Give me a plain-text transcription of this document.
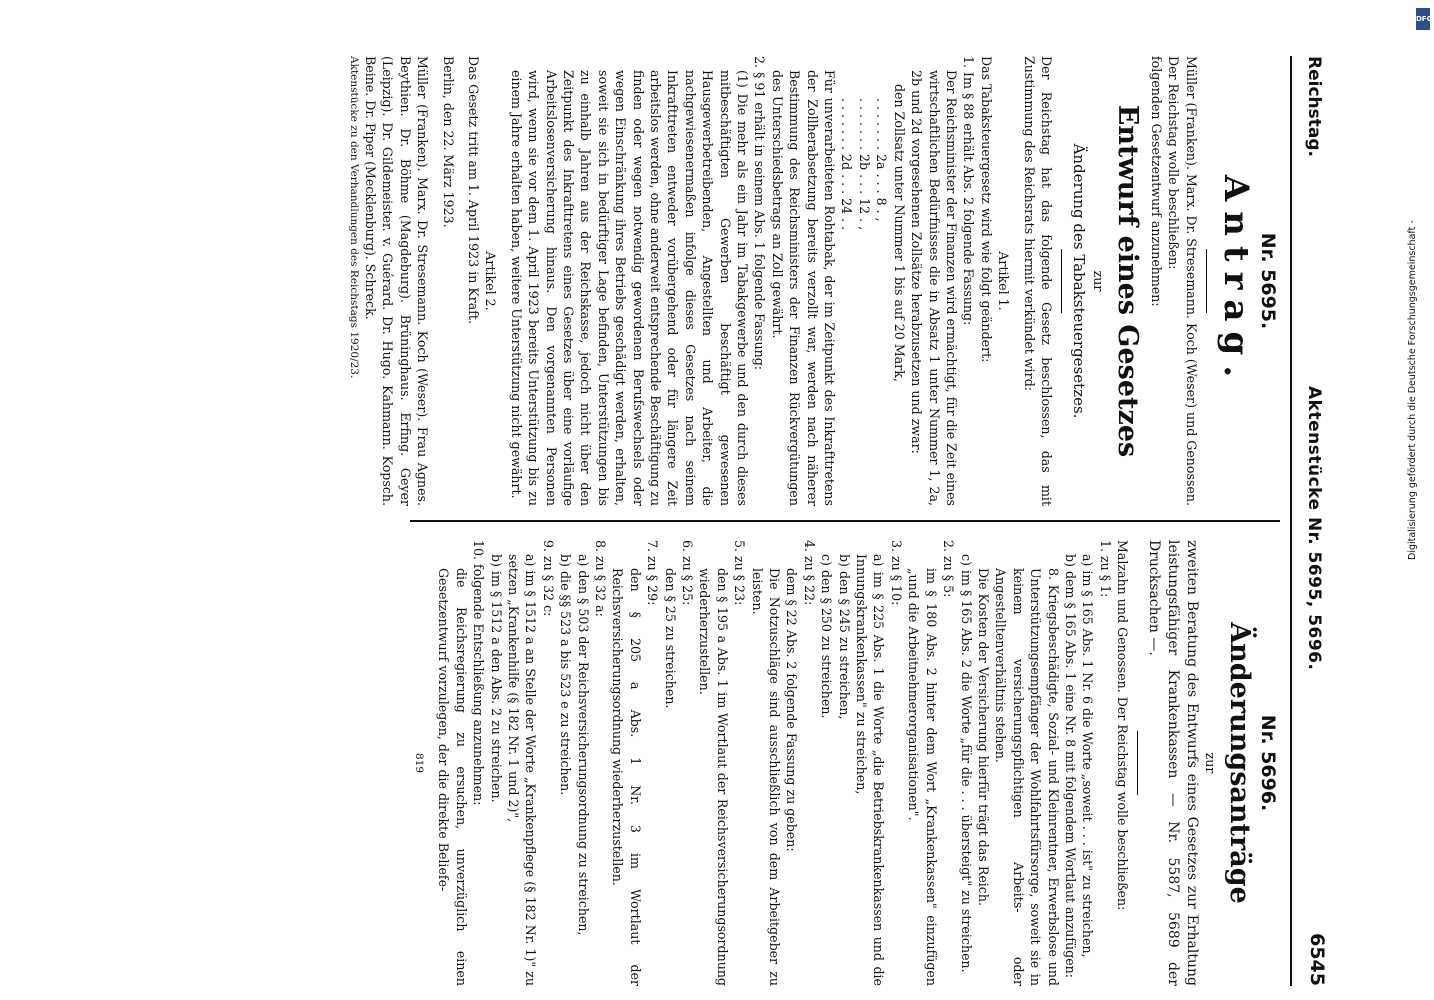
Reichstag.
Aktenstücke Nr. 5695, 5696.
6545

Nr. 5695.

Antrag.

Müller (Franken). Marx. Dr. Stresemann. Koch (Weser) und Genossen. Der Reichstag wolle beschließen:

folgenden Gesetzentwurf anzunehmen:

Entwurf eines Gesetzes

zur

Änderung des Tabaksteuergesetzes.

Der Reichstag hat das folgende Gesetz beschlossen, das mit Zustimmung des Reichsrats hiermit verkündet wird:

Artikel 1.

Das Tabaksteuergesetz wird wie folgt geändert:

1. Im § 88 erhält Abs. 2 folgende Fassung:

Der Reichsminister der Finanzen wird ermächtigt, für die Zeit eines wirtschaftlichen Bedürfnisses die in Absatz 1 unter Nummer 1, 2a, 2b und 2d vorgesehenen Zollsätze herabzusetzen und zwar:

den Zollsatz unter Nummer 1 bis auf 20 Mark,

. . . . . . . 2a . . . 8 . ,

. . . . . . . 2b . . . 12 . ,

. . . . . . . 2d . . . 24 . .

Für unverarbeiteten Rohtabak, der im Zeitpunkt des Inkrafttretens der Zollherabsetzung bereits verzollt war, werden nach näherer Bestimmung des Reichsministers der Finanzen Rückvergütungen des Unterschiedsbetrags an Zoll gewährt.

2. § 91 erhält in seinem Abs. 1 folgende Fassung:

(1) Die mehr als ein Jahr im Tabakgewerbe und den durch dieses mitbeschäftigten Gewerben beschäftigt gewesenen Hausgewerbetreibenden, Angestellten und Arbeiter, die nachgewiesenermaßen infolge dieses Gesetzes nach seinem Inkrafttreten entweder vorübergehend oder für längere Zeit arbeitslos werden, ohne anderweit entsprechende Beschäftigung zu finden oder wegen notwendig gewordenen Berufswechsels oder wegen Einschränkung ihres Betriebs geschädigt werden, erhalten, soweit sie sich in bedürftiger Lage befinden, Unterstützungen bis zu einhalb Jahren aus der Reichskasse, jedoch nicht über den Zeitpunkt des Inkrafttretens eines Gesetzes über eine vorläufige Arbeitslosenversicherung hinaus. Den vorgenannten Personen wird, wenn sie vor dem 1. April 1923 bereits Unterstützung bis zu einem Jahre erhalten haben, weitere Unterstützung nicht gewährt.

Artikel 2.

Das Gesetz tritt am 1. April 1923 in Kraft.

Berlin, den 22. März 1923.

Müller (Franken). Marx. Dr. Stresemann. Koch (Weser). Frau Agnes. Beythien. Dr. Böhme (Magdeburg). Brüninghaus. Erfing. Geyer (Leipzig). Dr. Gildemeister. v. Guérard. Dr. Hugo. Kahmann. Kopsch. Beine. Dr. Piper (Mecklenburg). Schreck.

Aktenstücke zu den Verhandlungen des Reichstags 1920/23.

Nr. 5696.

Änderungsanträge

zur

zweiten Beratung des Entwurfs eines Gesetzes zur Erhaltung leistungsfähiger Krankenkassen — Nr. 5587, 5689 der Drucksachen —.

Malzahn und Genossen. Der Reichstag wolle beschließen:

1. zu § 1:

a) im § 165 Abs. 1 Nr. 6 die Worte „soweit . . . ist" zu streichen,

b) dem § 165 Abs. 1 eine Nr. 8 mit folgendem Wortlaut anzufügen:

8. Kriegsbeschädigte, Sozial- und Kleinrentner, Erwerbslose und Unterstützungsempfänger der Wohlfahrtsfürsorge, soweit sie in keinem versicherungspflichtigen Arbeits- oder Angestelltenverhältnis stehen.

Die Kosten der Versicherung hierfür trägt das Reich.

c) im § 165 Abs. 2 die Worte „für die . . . übersteigt" zu streichen.

2. zu § 5:

im § 180 Abs. 2 hinter dem Wort „Krankenkassen" einzufügen „und die Arbeitnehmerorganisationen".

3. zu § 10:

a) im § 225 Abs. 1 die Worte „die Betriebskrankenkassen und die Innungskrankenkassen" zu streichen,

b) den § 245 zu streichen,

c) den § 250 zu streichen.

4. zu § 22:

dem § 22 Abs. 2 folgende Fassung zu geben:

Die Notzuschläge sind ausschließlich von dem Arbeitgeber zu leisten.

5. zu § 23:

den § 195 a Abs. 1 im Wortlaut der Reichsversicherungsordnung wiederherzustellen.

6. zu § 25:

den § 25 zu streichen.

7. zu § 29:

den § 205 a Abs. 1 Nr. 3 im Wortlaut der Reichsversicherungsordnung wiederherzustellen.

8. zu § 32 a:

a) den § 503 der Reichsversicherungsordnung zu streichen,

b) die §§ 523 a bis 523 e zu streichen.

9. zu § 32 c:

a) im § 1512 a an Stelle der Worte „Krankenpflege (§ 182 Nr. 1)" zu setzen „Krankenhilfe (§ 182 Nr. 1 und 2)",

b) im § 1512 a den Abs. 2 zu streichen.

10. folgende Entschließung anzunehmen:

die Reichsregierung zu ersuchen, unverzüglich einen Gesetzentwurf vorzulegen, der die direkte Beliefe-

819

DFG
Digitalisierung gefördert durch die Deutsche Forschungsgemeinschaft -
